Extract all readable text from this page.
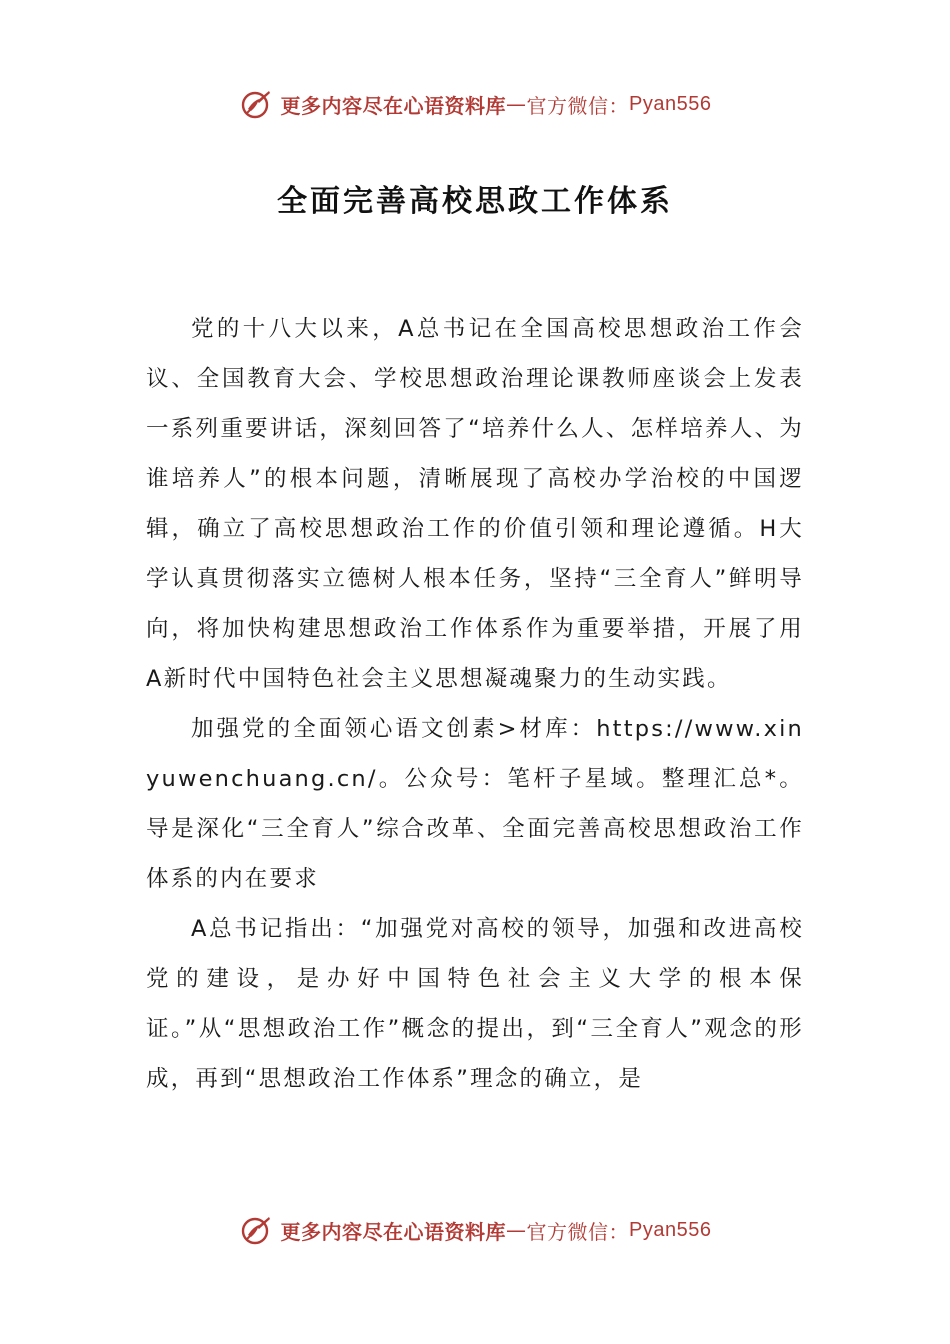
更多内容尽在心语资料库 — 官方微信： Pyan556
全面完善高校思政工作体系

党的十八大以来，A总书记在全国高校思想政治工作会议、全国教育大会、学校思想政治理论课教师座谈会上发表一系列重要讲话，深刻回答了“培养什么人、怎样培养人、为谁培养人”的根本问题，清晰展现了高校办学治校的中国逻辑，确立了高校思想政治工作的价值引领和理论遵循。H大学认真贯彻落实立德树人根本任务，坚持“三全育人”鲜明导向，将加快构建思想政治工作体系作为重要举措，开展了用A新时代中国特色社会主义思想凝魂聚力的生动实践。

加强党的全面领心语文创素>材库：https://www.xinyuwenchuang.cn/。公众号：笔杆子星域。整理汇总*。导是深化“三全育人”综合改革、全面完善高校思想政治工作体系的内在要求

A总书记指出：“加强党对高校的领导，加强和改进高校党的建设，是办好中国特色社会主义大学的根本保证。”从“思想政治工作”概念的提出，到“三全育人”观念的形成，再到“思想政治工作体系”理念的确立，是

更多内容尽在心语资料库 — 官方微信： Pyan556
